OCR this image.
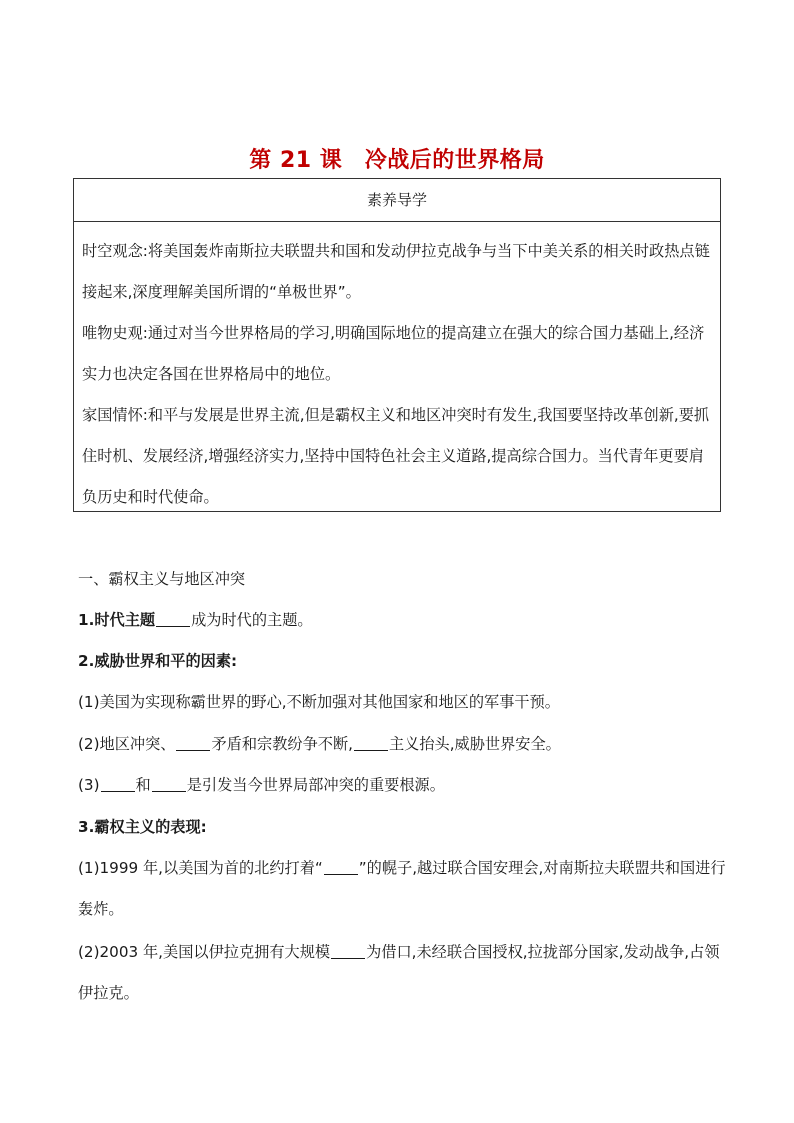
第 21 课　冷战后的世界格局
素养导学

时空观念:将美国轰炸南斯拉夫联盟共和国和发动伊拉克战争与当下中美关系的相关时政热点链接起来,深度理解美国所谓的“单极世界”。

唯物史观:通过对当今世界格局的学习,明确国际地位的提高建立在强大的综合国力基础上,经济实力也决定各国在世界格局中的地位。

家国情怀:和平与发展是世界主流,但是霸权主义和地区冲突时有发生,我国要坚持改革创新,要抓住时机、发展经济,增强经济实力,坚持中国特色社会主义道路,提高综合国力。当代青年更要肩负历史和时代使命。

一、霸权主义与地区冲突
1.时代主题 成为时代的主题。
2.威胁世界和平的因素:
(1)美国为实现称霸世界的野心,不断加强对其他国家和地区的军事干预。
(2)地区冲突、 矛盾和宗教纷争不断, 主义抬头,威胁世界安全。
(3) 和 是引发当今世界局部冲突的重要根源。
3.霸权主义的表现:
(1)1999 年,以美国为首的北约打着“ ”的幌子,越过联合国安理会,对南斯拉夫联盟共和国进行轰炸。
(2)2003 年,美国以伊拉克拥有大规模 为借口,未经联合国授权,拉拢部分国家,发动战争,占领伊拉克。
